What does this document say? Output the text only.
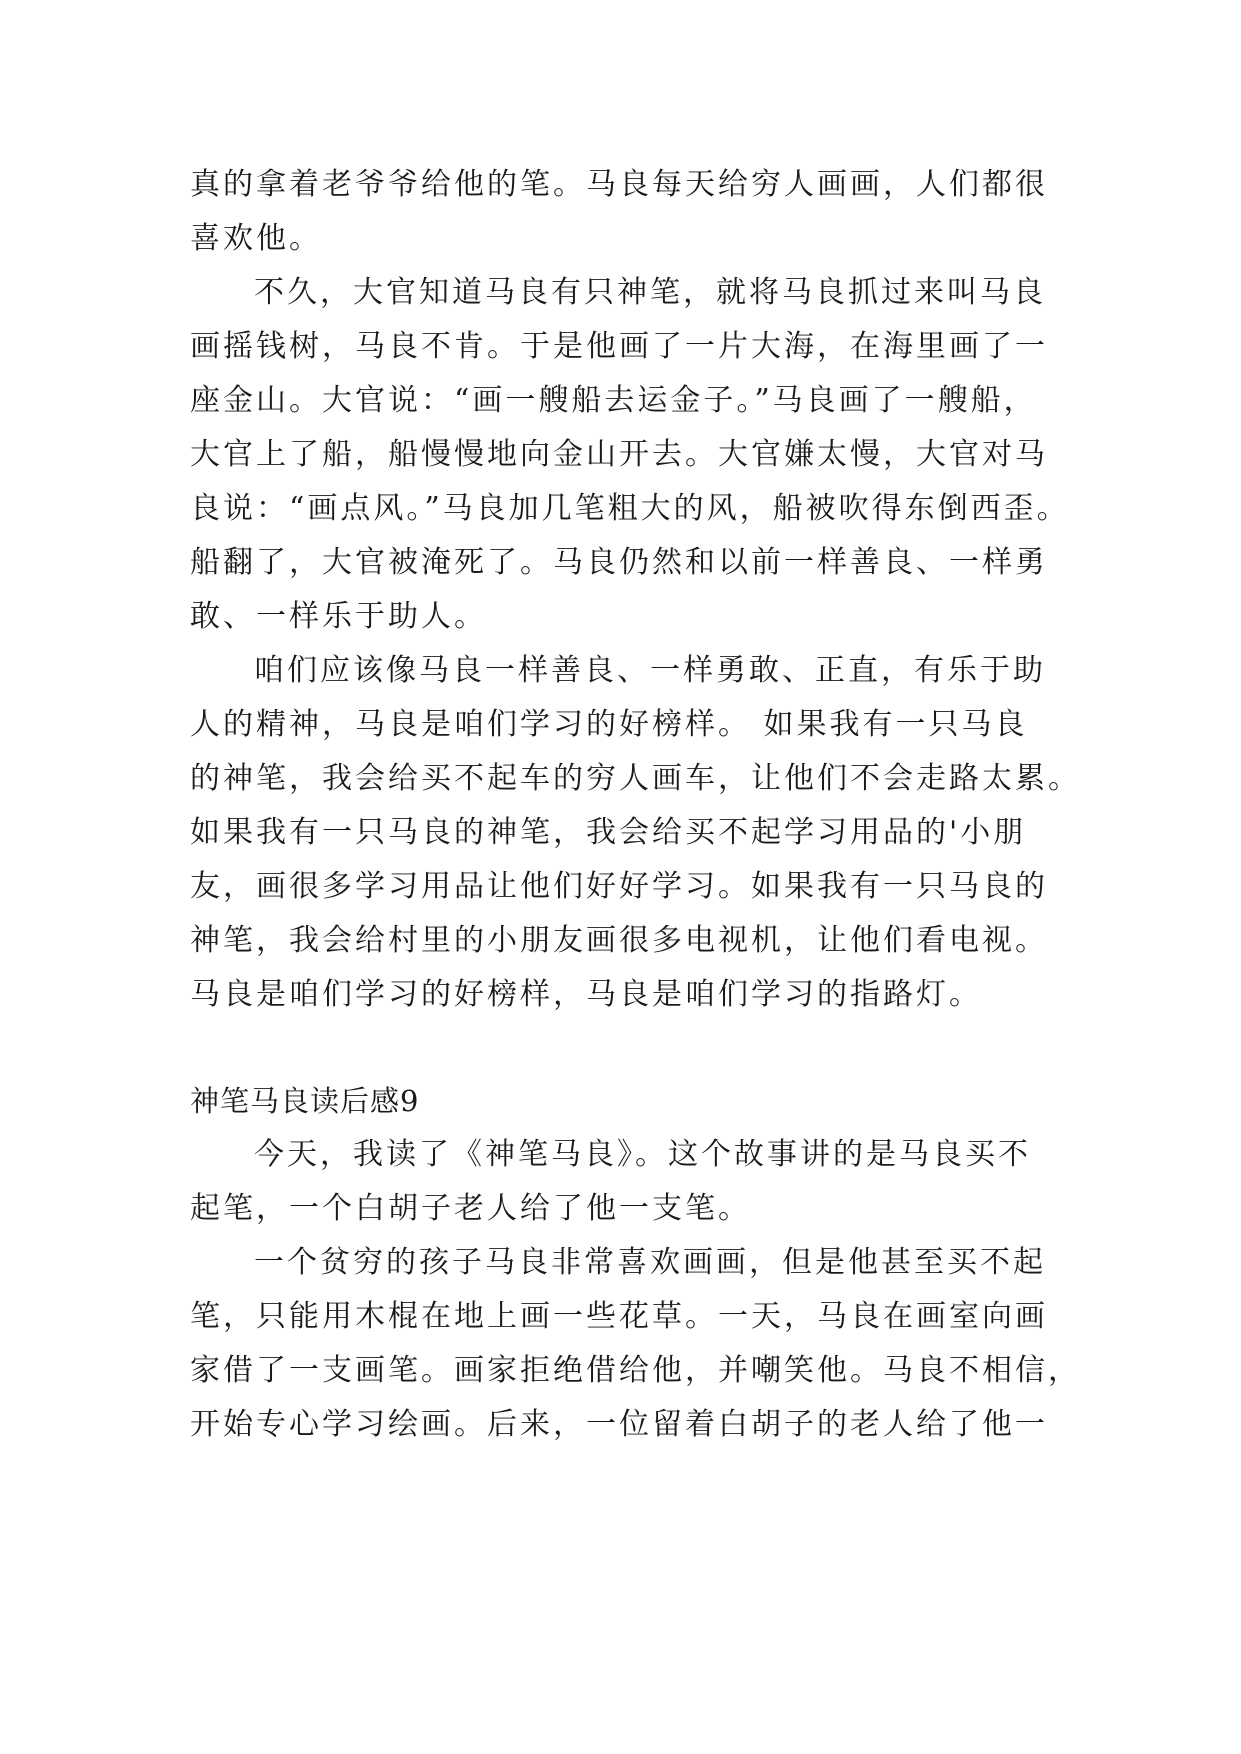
真的拿着老爷爷给他的笔。马良每天给穷人画画，人们都很
喜欢他。
不久，大官知道马良有只神笔，就将马良抓过来叫马良
画摇钱树，马良不肯。于是他画了一片大海，在海里画了一
座金山。大官说：“画一艘船去运金子。”马良画了一艘船，
大官上了船，船慢慢地向金山开去。大官嫌太慢，大官对马
良说：“画点风。”马良加几笔粗大的风，船被吹得东倒西歪。
船翻了，大官被淹死了。马良仍然和以前一样善良、一样勇
敢、一样乐于助人。
咱们应该像马良一样善良、一样勇敢、正直，有乐于助
人的精神，马良是咱们学习的好榜样。 如果我有一只马良
的神笔，我会给买不起车的穷人画车，让他们不会走路太累。
如果我有一只马良的神笔，我会给买不起学习用品的'小朋
友，画很多学习用品让他们好好学习。如果我有一只马良的
神笔，我会给村里的小朋友画很多电视机，让他们看电视。
马良是咱们学习的好榜样，马良是咱们学习的指路灯。
神笔马良读后感9
今天，我读了《神笔马良》。这个故事讲的是马良买不
起笔，一个白胡子老人给了他一支笔。
一个贫穷的孩子马良非常喜欢画画，但是他甚至买不起
笔，只能用木棍在地上画一些花草。一天，马良在画室向画
家借了一支画笔。画家拒绝借给他，并嘲笑他。马良不相信，
开始专心学习绘画。后来，一位留着白胡子的老人给了他一
